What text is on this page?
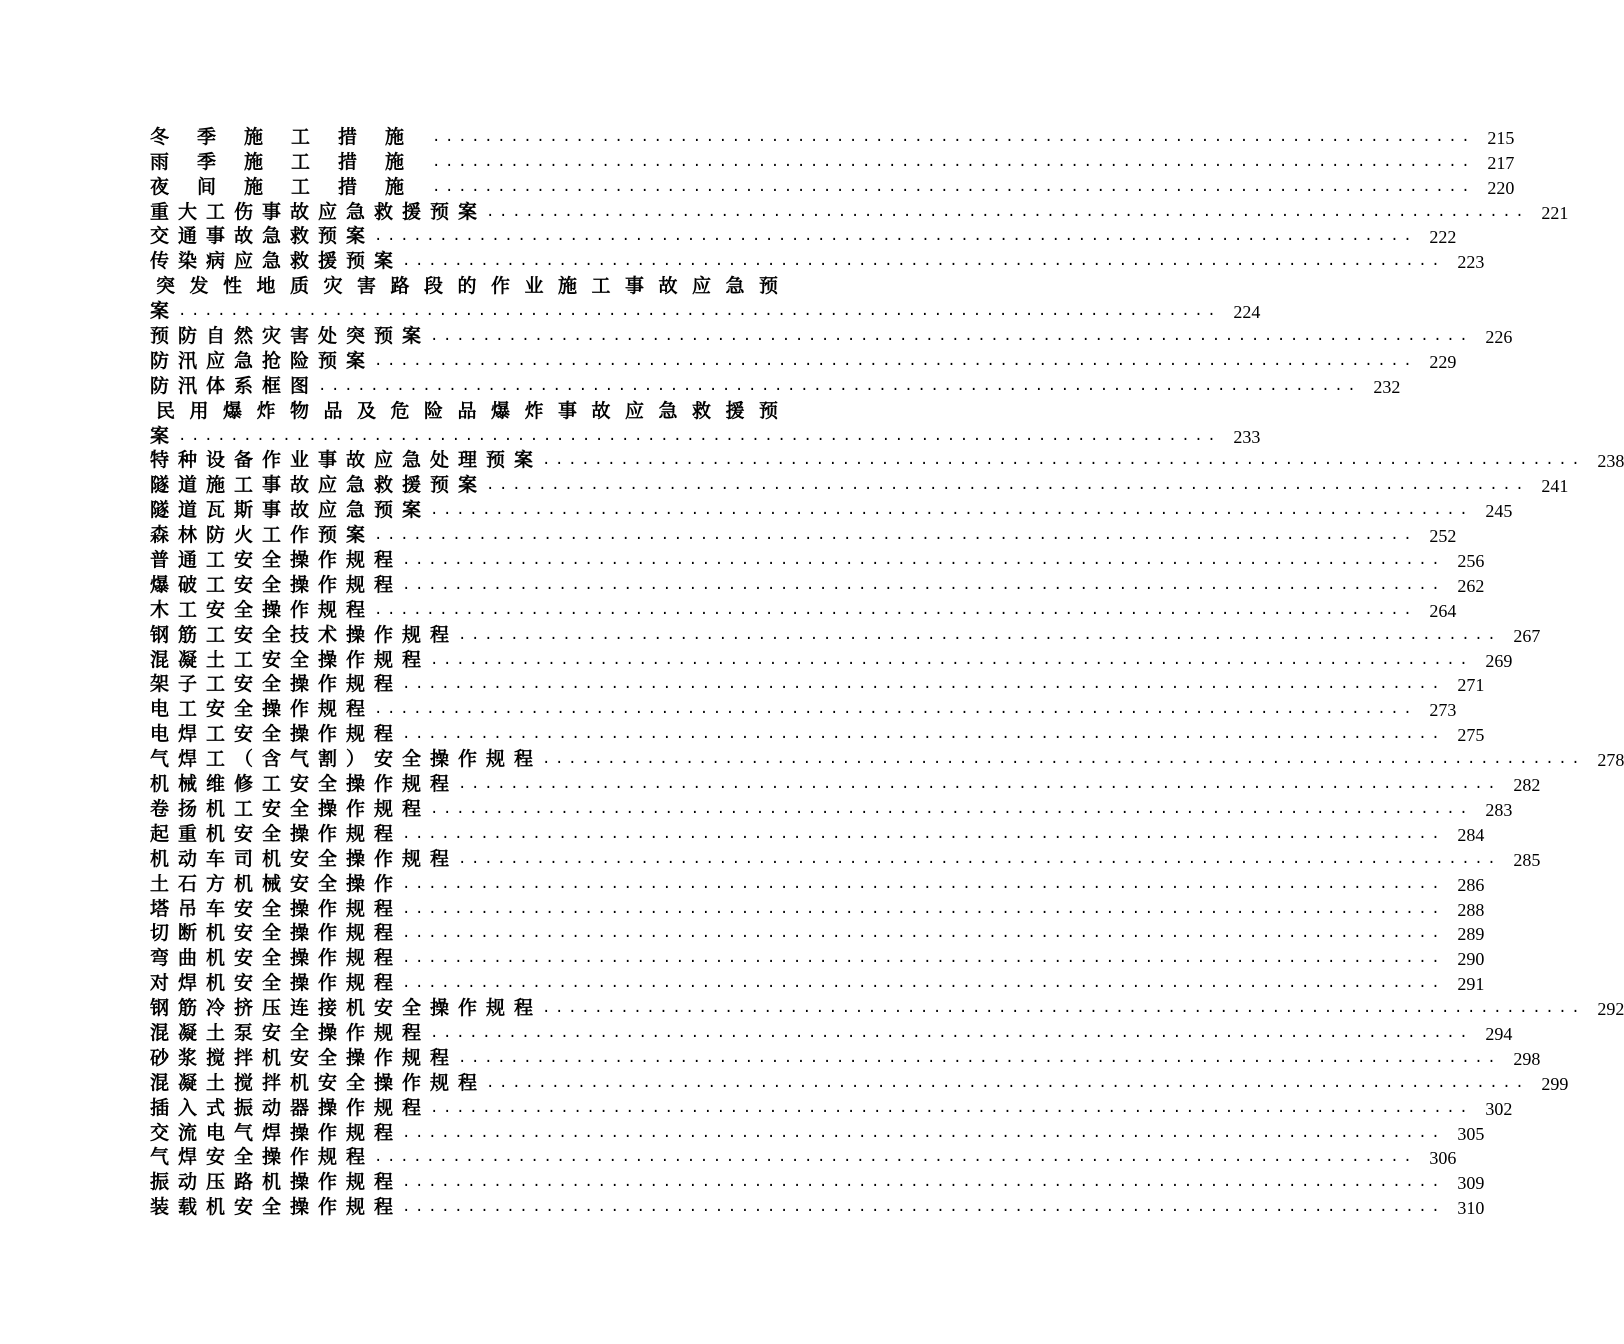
冬季施工措施 ................................................................................ 215
雨季施工措施 ................................................................................ 217
夜间施工措施 ................................................................................ 220
重大工伤事故应急救援预案 ................................................................................ 221
交通事故急救预案 ................................................................................ 222
传染病应急救援预案 ................................................................................ 223
突发性地质灾害路段的作业施工事故应急预
案 ................................................................................ 224
预防自然灾害处突预案 ................................................................................ 226
防汛应急抢险预案 ................................................................................ 229
防汛体系框图 ................................................................................ 232
民用爆炸物品及危险品爆炸事故应急救援预
案 ................................................................................ 233
特种设备作业事故应急处理预案 ................................................................................ 238
隧道施工事故应急救援预案 ................................................................................ 241
隧道瓦斯事故应急预案 ................................................................................ 245
森林防火工作预案 ................................................................................ 252
普通工安全操作规程 ................................................................................ 256
爆破工安全操作规程 ................................................................................ 262
木工安全操作规程 ................................................................................ 264
钢筋工安全技术操作规程 ................................................................................ 267
混凝土工安全操作规程 ................................................................................ 269
架子工安全操作规程 ................................................................................ 271
电工安全操作规程 ................................................................................ 273
电焊工安全操作规程 ................................................................................ 275
气焊工（含气割）安全操作规程 ................................................................................ 278
机械维修工安全操作规程 ................................................................................ 282
卷扬机工安全操作规程 ................................................................................ 283
起重机安全操作规程 ................................................................................ 284
机动车司机安全操作规程 ................................................................................ 285
土石方机械安全操作 ................................................................................ 286
塔吊车安全操作规程 ................................................................................ 288
切断机安全操作规程 ................................................................................ 289
弯曲机安全操作规程 ................................................................................ 290
对焊机安全操作规程 ................................................................................ 291
钢筋冷挤压连接机安全操作规程 ................................................................................ 292
混凝土泵安全操作规程 ................................................................................ 294
砂浆搅拌机安全操作规程 ................................................................................ 298
混凝土搅拌机安全操作规程 ................................................................................ 299
插入式振动器操作规程 ................................................................................ 302
交流电气焊操作规程 ................................................................................ 305
气焊安全操作规程 ................................................................................ 306
振动压路机操作规程 ................................................................................ 309
装载机安全操作规程 ................................................................................ 310
